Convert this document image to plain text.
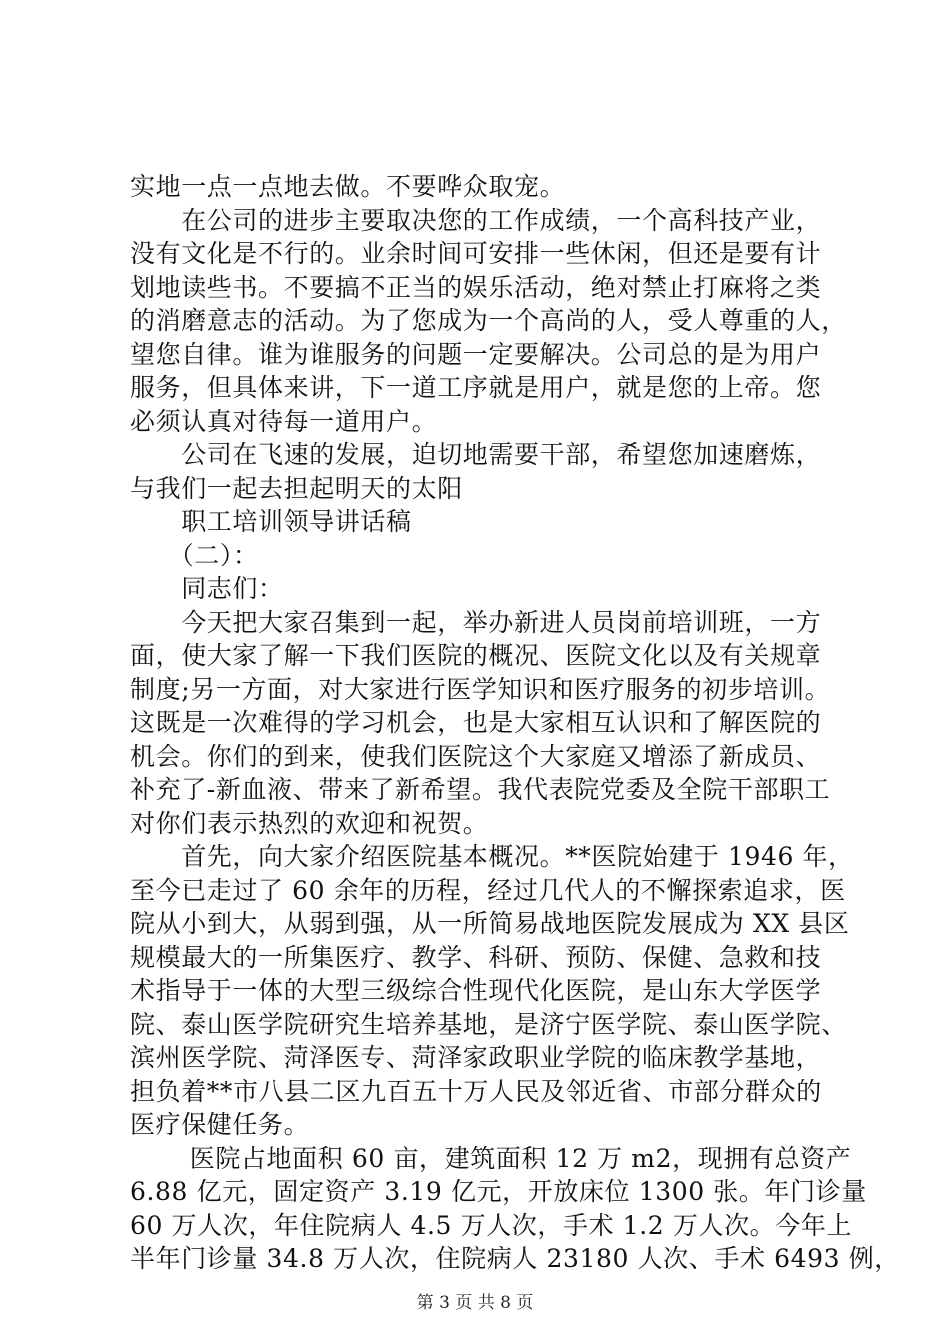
实地一点一点地去做。不要哗众取宠。
　　在公司的进步主要取决您的工作成绩，一个高科技产业，
没有文化是不行的。业余时间可安排一些休闲，但还是要有计
划地读些书。不要搞不正当的娱乐活动，绝对禁止打麻将之类
的消磨意志的活动。为了您成为一个高尚的人，受人尊重的人，
望您自律。谁为谁服务的问题一定要解决。公司总的是为用户
服务，但具体来讲，下一道工序就是用户，就是您的上帝。您
必须认真对待每一道用户。
　　公司在飞速的发展，迫切地需要干部，希望您加速磨炼，
与我们一起去担起明天的太阳
　　职工培训领导讲话稿
　　（二）：
　　同志们：
　　今天把大家召集到一起，举办新进人员岗前培训班，一方
面，使大家了解一下我们医院的概况、医院文化以及有关规章
制度;另一方面，对大家进行医学知识和医疗服务的初步培训。
这既是一次难得的学习机会，也是大家相互认识和了解医院的
机会。你们的到来，使我们医院这个大家庭又增添了新成员、
补充了-新血液、带来了新希望。我代表院党委及全院干部职工
对你们表示热烈的欢迎和祝贺。
　　首先，向大家介绍医院基本概况。**医院始建于 1946 年，
至今已走过了 60 余年的历程，经过几代人的不懈探索追求，医
院从小到大，从弱到强，从一所简易战地医院发展成为 XX 县区
规模最大的一所集医疗、教学、科研、预防、保健、急救和技
术指导于一体的大型三级综合性现代化医院，是山东大学医学
院、泰山医学院研究生培养基地，是济宁医学院、泰山医学院、
滨州医学院、菏泽医专、菏泽家政职业学院的临床教学基地，
担负着**市八县二区九百五十万人民及邻近省、市部分群众的
医疗保健任务。
　　 医院占地面积 60 亩，建筑面积 12 万 m2，现拥有总资产
6.88 亿元，固定资产 3.19 亿元，开放床位 1300 张。年门诊量
60 万人次，年住院病人 4.5 万人次，手术 1.2 万人次。今年上
半年门诊量 34.8 万人次，住院病人 23180 人次、手术 6493 例，
第 3 页 共 8 页
